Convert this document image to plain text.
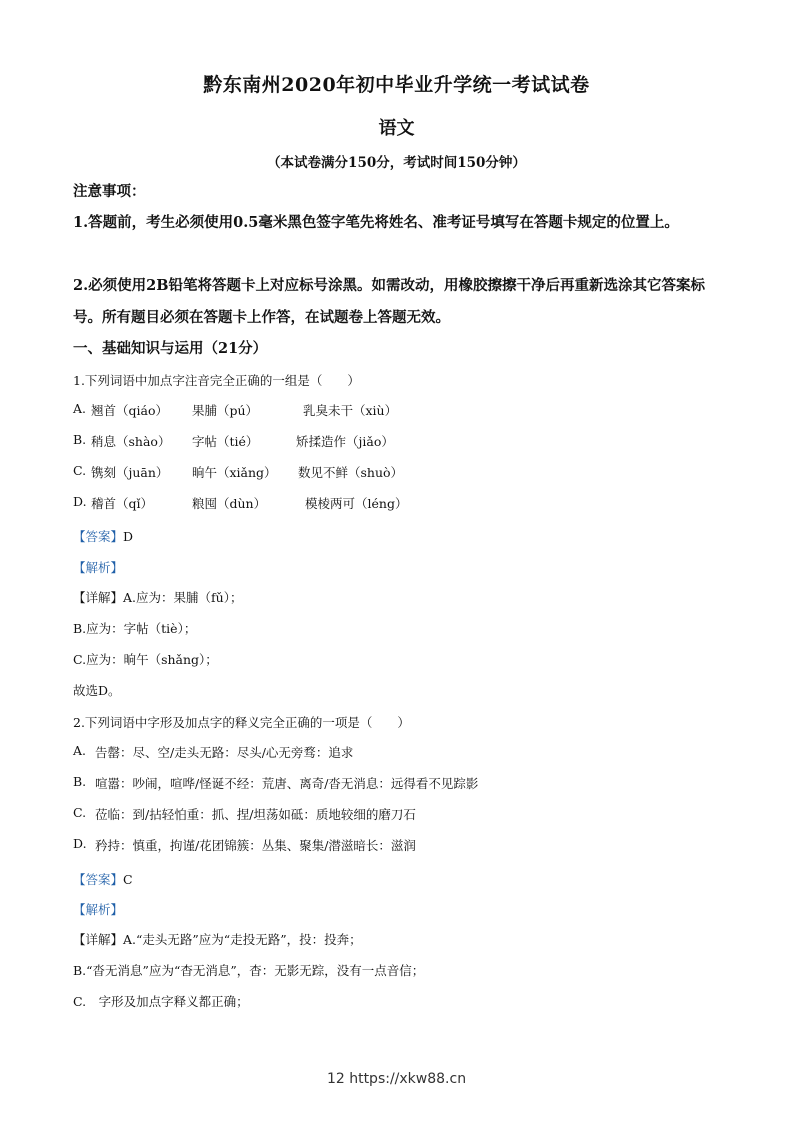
黔东南州2020年初中毕业升学统一考试试卷
语文
（本试卷满分150分，考试时间150分钟）
注意事项：
1.答题前，考生必须使用0.5毫米黑色签字笔先将姓名、准考证号填写在答题卡规定的位置上。
2.必须使用2B铅笔将答题卡上对应标号涂黑。如需改动，用橡胶擦擦干净后再重新选涂其它答案标号。所有题目必须在答题卡上作答，在试题卷上答题无效。
一、基础知识与运用（21分）
1.下列词语中加点字注音完全正确的一组是（　　）
A. 翘首（qiáo） 果脯（pú）	乳臭未干（xiù）
B. 稍息（shào） 字帖（tié）	矫揉造作（jiǎo）
C. 镌刻（juān） 晌午（xiǎng） 数见不鲜（shuò）
D. 稽首（qǐ）	粮囤（dùn）	模棱两可（léng）
【答案】D
【解析】
【详解】A.应为：果脯（fǔ）；
B.应为：字帖（tiè）；
C.应为：晌午（shǎng）；
故选D。
2.下列词语中字形及加点字的释义完全正确的一项是（　　）
A. 告罄：尽、空/走头无路：尽头/心无旁骛：追求
B. 喧嚣：吵闹，喧哗/怪诞不经：荒唐、离奇/沓无消息：远得看不见踪影
C. 莅临：到/拈轻怕重：抓、捏/坦荡如砥：质地较细的磨刀石
D. 矜持：慎重，拘谨/花团锦簇：丛集、聚集/潜滋暗长：滋润
【答案】C
【解析】
【详解】A.“走头无路”应为“走投无路”，投：投奔；
B.“沓无消息”应为“杳无消息”，杳：无影无踪，没有一点音信；
C.　字形及加点字释义都正确；
12 https://xkw88.cn
